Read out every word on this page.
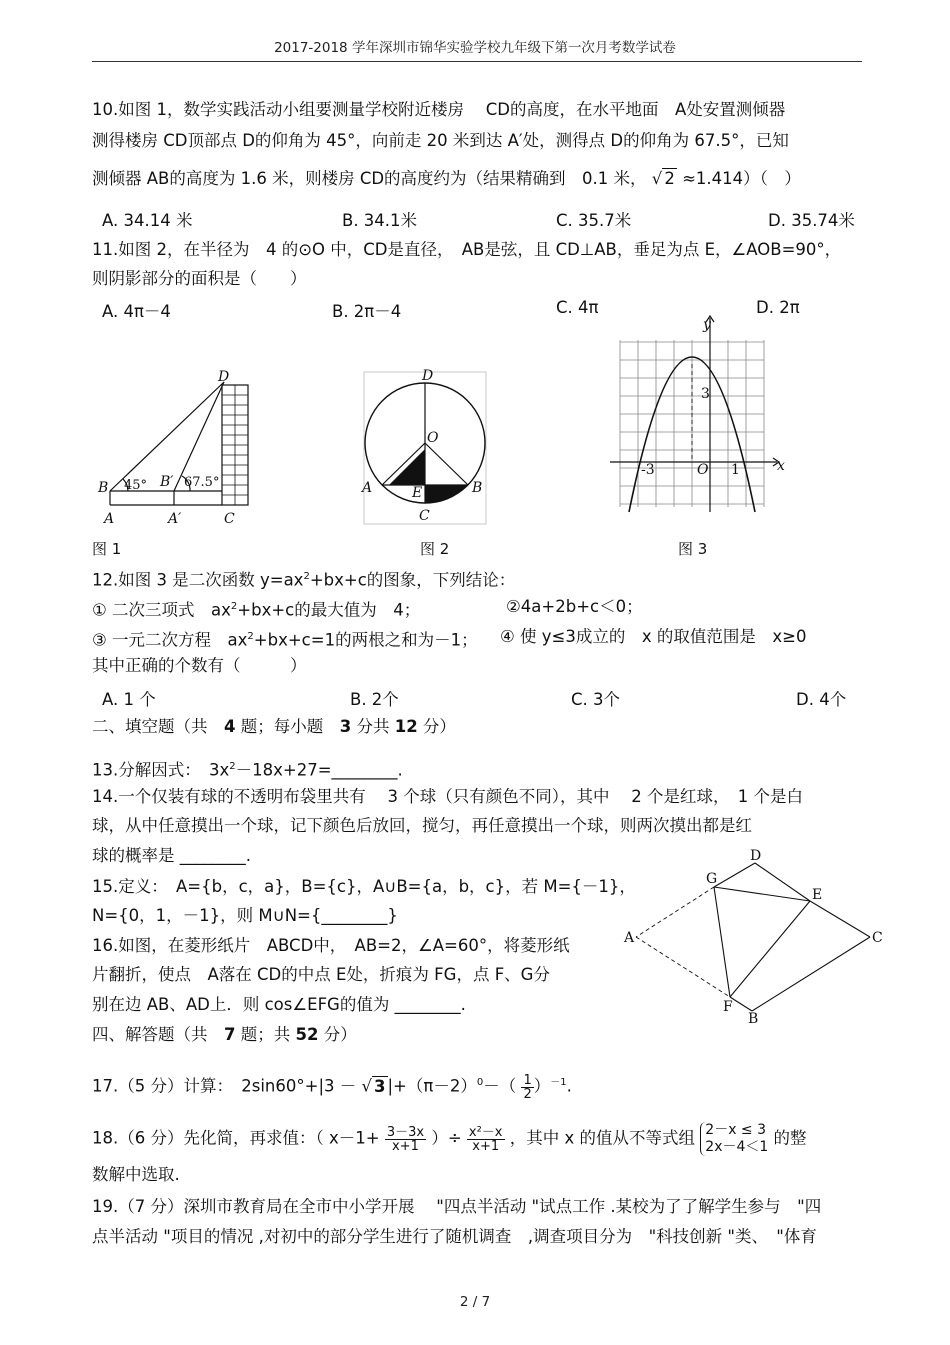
2017-2018 学年深圳市锦华实验学校九年级下第一次月考数学试卷
10.如图 1，数学实践活动小组要测量学校附近楼房　 CD的高度，在水平地面　A处安置测倾器
测得楼房 CD顶部点 D的仰角为 45°，向前走 20 米到达 A′处，测得点 D的仰角为 67.5°，已知
测倾器 AB的高度为 1.6 米，则楼房 CD的高度约为（结果精确到　0.1 米， √ 2 ≈1.414）（　）
A. 34.14 米	B. 34.1米	C. 35.7米	D. 35.74米
11.如图 2，在半径为　4 的⊙O 中，CD是直径，　AB是弦，且 CD⊥AB，垂足为点 E，∠AOB=90°，
则阴影部分的面积是（　　）
A. 4π－4	B. 2π－4	C. 4π	D. 2π
D
B	B′
A	A′	C
45°	67.5°
图 1
D
O
A	B
E
C
图 2
y
x
3
-3	O 1
图 3
12.如图 3 是二次函数 $y=ax^2+bx+c$的图象，下列结论：
① 二次三项式　$ax^2+bx+c$的最大值为　4；	②4a+2b+c＜0；
③ 一元二次方程　$ax^2+bx+c=1$的两根之和为－1； ④ 使 y≤3成立的　x 的取值范围是　x≥0
其中正确的个数有（　　　）
A. 1 个	B. 2个	C. 3个	D. 4个
二、填空题（共　4 题；每小题　3 分共 12 分）
13.分解因式：　$3x^2-18x+27=\_\_\_\_\_\_\_\_$.
14.一个仅装有球的不透明布袋里共有　 3 个球（只有颜色不同），其中　 2 个是红球，　1 个是白
球，从中任意摸出一个球，记下颜色后放回，搅匀，再任意摸出一个球，则两次摸出都是红
球的概率是 ________.
15.定义：　A={b，c，a}，B={c}，A∪B={a，b，c}，若 M={－1}，
N={0，1，－1}，则 M∪N={________}
16.如图，在菱形纸片　ABCD中，　AB=2，∠A=60°，将菱形纸
片翻折，使点　A落在 CD的中点 E处，折痕为 FG，点 F、G分
别在边 AB、AD上．则 cos∠EFG的值为 ________.
D
G
E
A	C
F
B
四、解答题（共　7 题；共 52 分）
17.（5 分）计算：　2sin60°+|3 － √ 3 $|+(\pi-2)^0-( \frac{1}{2} )^{-1}$.
18.（6 分）先化简，再求值：（ $x-1+ \frac{3-3x}{x+1}$ ）÷ $\frac{\text{x²－x}}{x+1}$ ，其中 x 的值从不等式组 2－x ≤ 3
2x－4＜1 的整
数解中选取.
19.（7 分）深圳市教育局在全市中小学开展　 "四点半活动 "试点工作 .某校为了了解学生参与　"四
点半活动 "项目的情况 ,对初中的部分学生进行了随机调查　,调查项目分为　"科技创新 "类、　"体育
2 / 7
